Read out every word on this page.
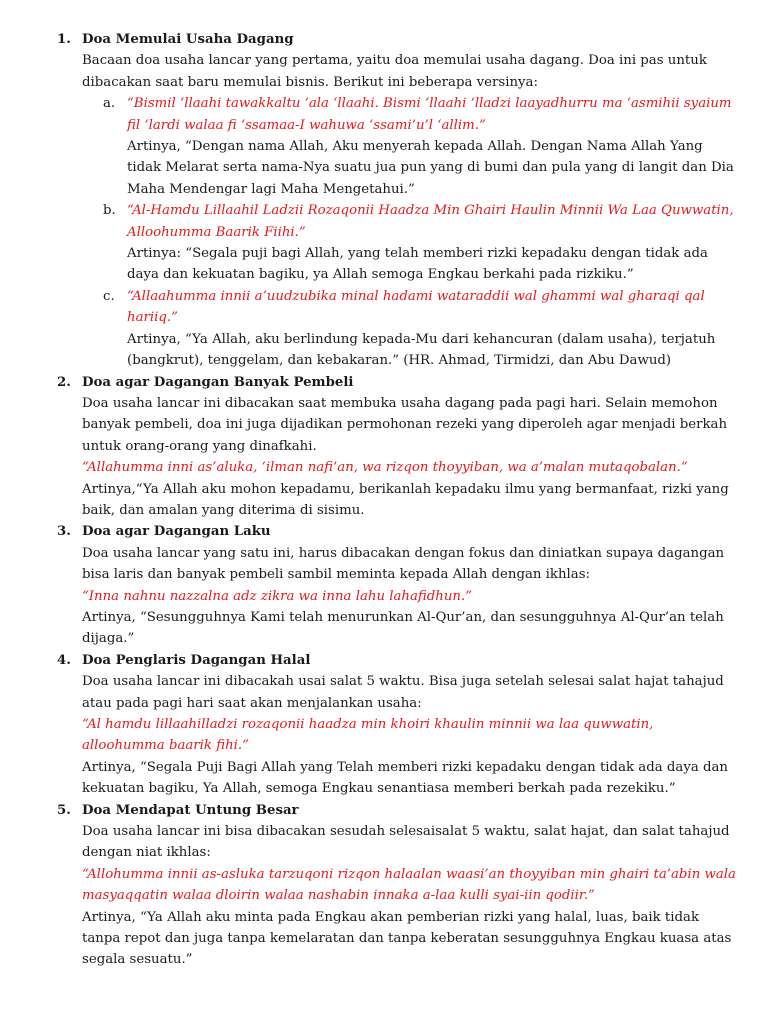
1. Doa Memulai Usaha Dagang

Bacaan doa usaha lancar yang pertama, yaitu doa memulai usaha dagang. Doa ini pas untuk dibacakan saat baru memulai bisnis. Berikut ini beberapa versinya:

a. “Bismil ‘llaahi tawakkaltu ‘ala ‘llaahi. Bismi ‘llaahi ‘lladzi laayadhurru ma ‘asmihii syaium fil ‘lardi walaa fi ‘ssamaa-I wahuwa ‘ssami’u’l ‘allim.”

Artinya, “Dengan nama Allah, Aku menyerah kepada Allah. Dengan Nama Allah Yang tidak Melarat serta nama-Nya suatu jua pun yang di bumi dan pula yang di langit dan Dia Maha Mendengar lagi Maha Mengetahui.”

b. “Al-Hamdu Lillaahil Ladzii Rozaqonii Haadza Min Ghairi Haulin Minnii Wa Laa Quwwatin, Alloohumma Baarik Fiihi.”

Artinya: “Segala puji bagi Allah, yang telah memberi rizki kepadaku dengan tidak ada daya dan kekuatan bagiku, ya Allah semoga Engkau berkahi pada rizkiku.”

c. “Allaahumma innii a’uudzubika minal hadami wataraddii wal ghammi wal gharaqi qal hariiq.”

Artinya, “Ya Allah, aku berlindung kepada-Mu dari kehancuran (dalam usaha), terjatuh (bangkrut), tenggelam, dan kebakaran.” (HR. Ahmad, Tirmidzi, dan Abu Dawud)

2. Doa agar Dagangan Banyak Pembeli

Doa usaha lancar ini dibacakan saat membuka usaha dagang pada pagi hari. Selain memohon banyak pembeli, doa ini juga dijadikan permohonan rezeki yang diperoleh agar menjadi berkah untuk orang-orang yang dinafkahi.

“Allahumma inni as’aluka, ‘ilman nafi’an, wa rizqon thoyyiban, wa a’malan mutaqobalan.”

Artinya,“Ya Allah aku mohon kepadamu, berikanlah kepadaku ilmu yang bermanfaat, rizki yang baik, dan amalan yang diterima di sisimu.

3. Doa agar Dagangan Laku

Doa usaha lancar yang satu ini, harus dibacakan dengan fokus dan diniatkan supaya dagangan bisa laris dan banyak pembeli sambil meminta kepada Allah dengan ikhlas:

“Inna nahnu nazzalna adz zikra wa inna lahu lahafidhun.”

Artinya, “Sesungguhnya Kami telah menurunkan Al-Qur’an, dan sesungguhnya Al-Qur’an telah dijaga.”

4. Doa Penglaris Dagangan Halal

Doa usaha lancar ini dibacakah usai salat 5 waktu. Bisa juga setelah selesai salat hajat tahajud atau pada pagi hari saat akan menjalankan usaha:

“Al hamdu lillaahilladzi rozaqonii haadza min khoiri khaulin minnii wa laa quwwatin, alloohumma baarik fihi.”

Artinya, “Segala Puji Bagi Allah yang Telah memberi rizki kepadaku dengan tidak ada daya dan kekuatan bagiku, Ya Allah, semoga Engkau senantiasa memberi berkah pada rezekiku.”

5. Doa Mendapat Untung Besar

Doa usaha lancar ini bisa dibacakan sesudah selesaisalat 5 waktu, salat hajat, dan salat tahajud dengan niat ikhlas:

“Allohumma innii as-asluka tarzuqoni rizqon halaalan waasi’an thoyyiban min ghairi ta’abin wala masyaqqatin walaa dloirin walaa nashabin innaka a-laa kulli syai-iin qodiir.”

Artinya, “Ya Allah aku minta pada Engkau akan pemberian rizki yang halal, luas, baik tidak tanpa repot dan juga tanpa kemelaratan dan tanpa keberatan sesungguhnya Engkau kuasa atas segala sesuatu.”
